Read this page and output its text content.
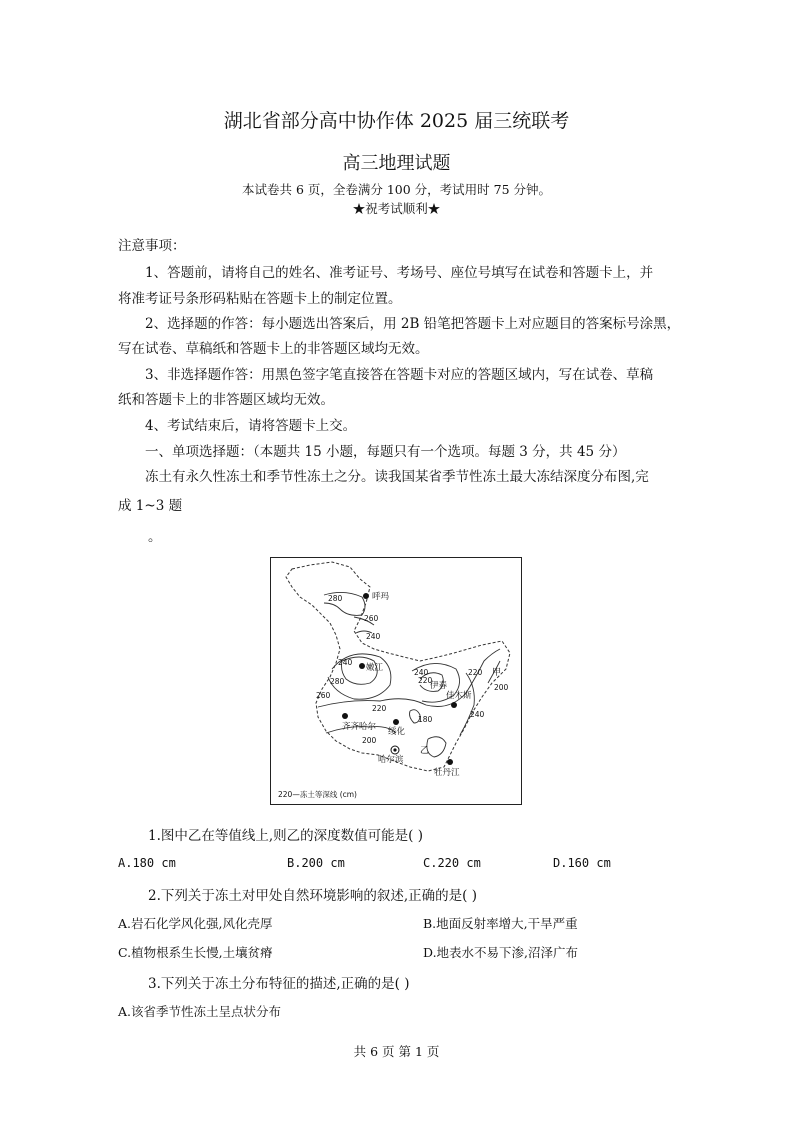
湖北省部分高中协作体 2025 届三统联考
高三地理试题
本试卷共 6 页，全卷满分 100 分，考试用时 75 分钟。
★祝考试顺利★
注意事项：
1、答题前，请将自己的姓名、准考证号、考场号、座位号填写在试卷和答题卡上，并
将准考证号条形码粘贴在答题卡上的制定位置。
2、选择题的作答：每小题选出答案后，用 2B 铅笔把答题卡上对应题目的答案标号涂黑，
写在试卷、草稿纸和答题卡上的非答题区域均无效。
3、非选择题作答：用黑色签字笔直接答在答题卡对应的答题区域内，写在试卷、草稿
纸和答题卡上的非答题区域均无效。
4、考试结束后，请将答题卡上交。
一、单项选择题：（本题共 15 小题，每题只有一个选项。每题 3 分，共 45 分）
冻土有永久性冻土和季节性冻土之分。读我国某省季节性冻土最大冻结深度分布图,完
成 1~3 题
。
呼玛
嫩江
伊春
佳木斯
齐齐哈尔 绥化
哈尔滨
牡丹江
甲
乙
280
260
240
240
280
260
240
220
220
180
200
220
200
240
220—冻土等深线 (cm)
1.图中乙在等值线上,则乙的深度数值可能是( )
A.180 cm	B.200 cm	C.220 cm	D.160 cm
2.下列关于冻土对甲处自然环境影响的叙述,正确的是( )
A.岩石化学风化强,风化壳厚	B.地面反射率增大,干旱严重
C.植物根系生长慢,土壤贫瘠	D.地表水不易下渗,沼泽广布
3.下列关于冻土分布特征的描述,正确的是( )
A.该省季节性冻土呈点状分布
共 6 页 第 1 页
